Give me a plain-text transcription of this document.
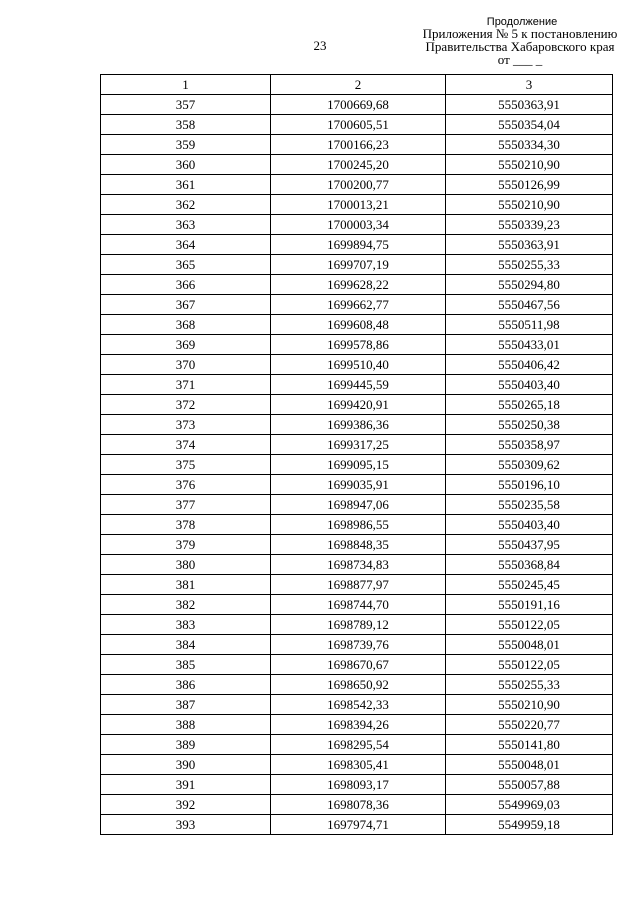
23
Продолжение
Приложения № 5 к постановлению
Правительства Хабаровского края
от ___ _
1	2	3
357	1700669,68	5550363,91
358	1700605,51	5550354,04
359	1700166,23	5550334,30
360	1700245,20	5550210,90
361	1700200,77	5550126,99
362	1700013,21	5550210,90
363	1700003,34	5550339,23
364	1699894,75	5550363,91
365	1699707,19	5550255,33
366	1699628,22	5550294,80
367	1699662,77	5550467,56
368	1699608,48	5550511,98
369	1699578,86	5550433,01
370	1699510,40	5550406,42
371	1699445,59	5550403,40
372	1699420,91	5550265,18
373	1699386,36	5550250,38
374	1699317,25	5550358,97
375	1699095,15	5550309,62
376	1699035,91	5550196,10
377	1698947,06	5550235,58
378	1698986,55	5550403,40
379	1698848,35	5550437,95
380	1698734,83	5550368,84
381	1698877,97	5550245,45
382	1698744,70	5550191,16
383	1698789,12	5550122,05
384	1698739,76	5550048,01
385	1698670,67	5550122,05
386	1698650,92	5550255,33
387	1698542,33	5550210,90
388	1698394,26	5550220,77
389	1698295,54	5550141,80
390	1698305,41	5550048,01
391	1698093,17	5550057,88
392	1698078,36	5549969,03
393	1697974,71	5549959,18
